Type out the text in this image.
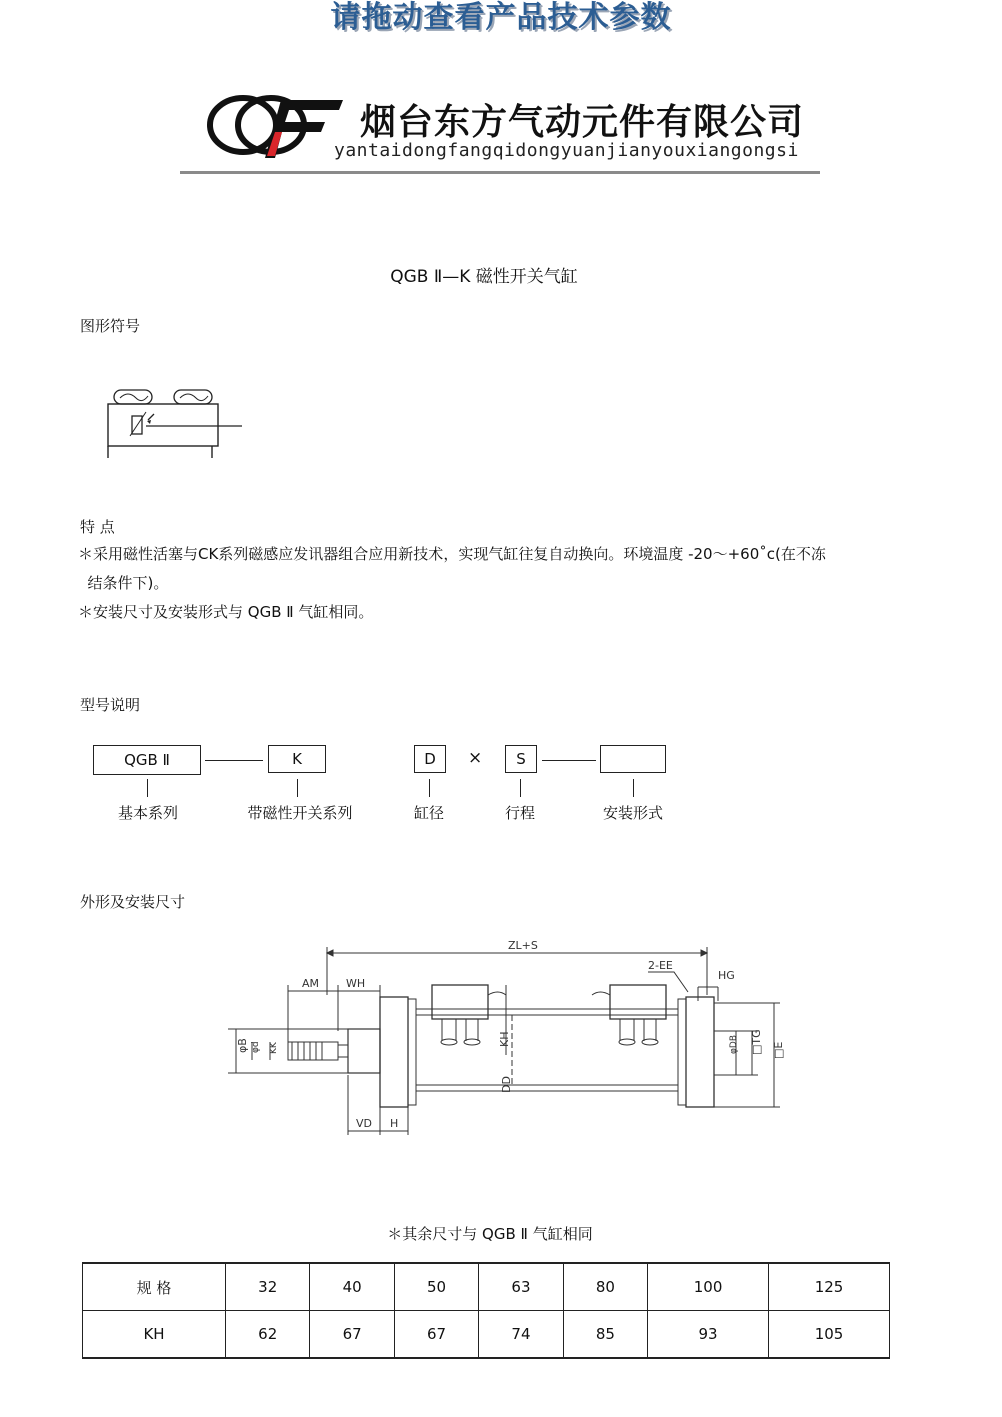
请拖动查看产品技术参数
烟台东方气动元件有限公司
yantaidongfangqidongyuanjianyouxiangongsi
QGB Ⅱ—K 磁性开关气缸
图形符号
特 点
＊采用磁性活塞与CK系列磁感应发讯器组合应用新技术，实现气缸往复自动换向。环境温度 -20～+60˚c(在不冻
结条件下)。
＊安装尺寸及安装形式与 QGB Ⅱ 气缸相同。
型号说明
QGB Ⅱ	K	D	×	S
基本系列	带磁性开关系列	缸径	行程	安装形式
外形及安装尺寸
ZL+S
2-EE
HG
AM WH
KH
DD
□TG □E
φDB
φB φd KK
VD H
＊其余尺寸与 QGB Ⅱ 气缸相同
规 格	32	40	50	63	80	100	125
KH	62	67	67	74	85	93	105
